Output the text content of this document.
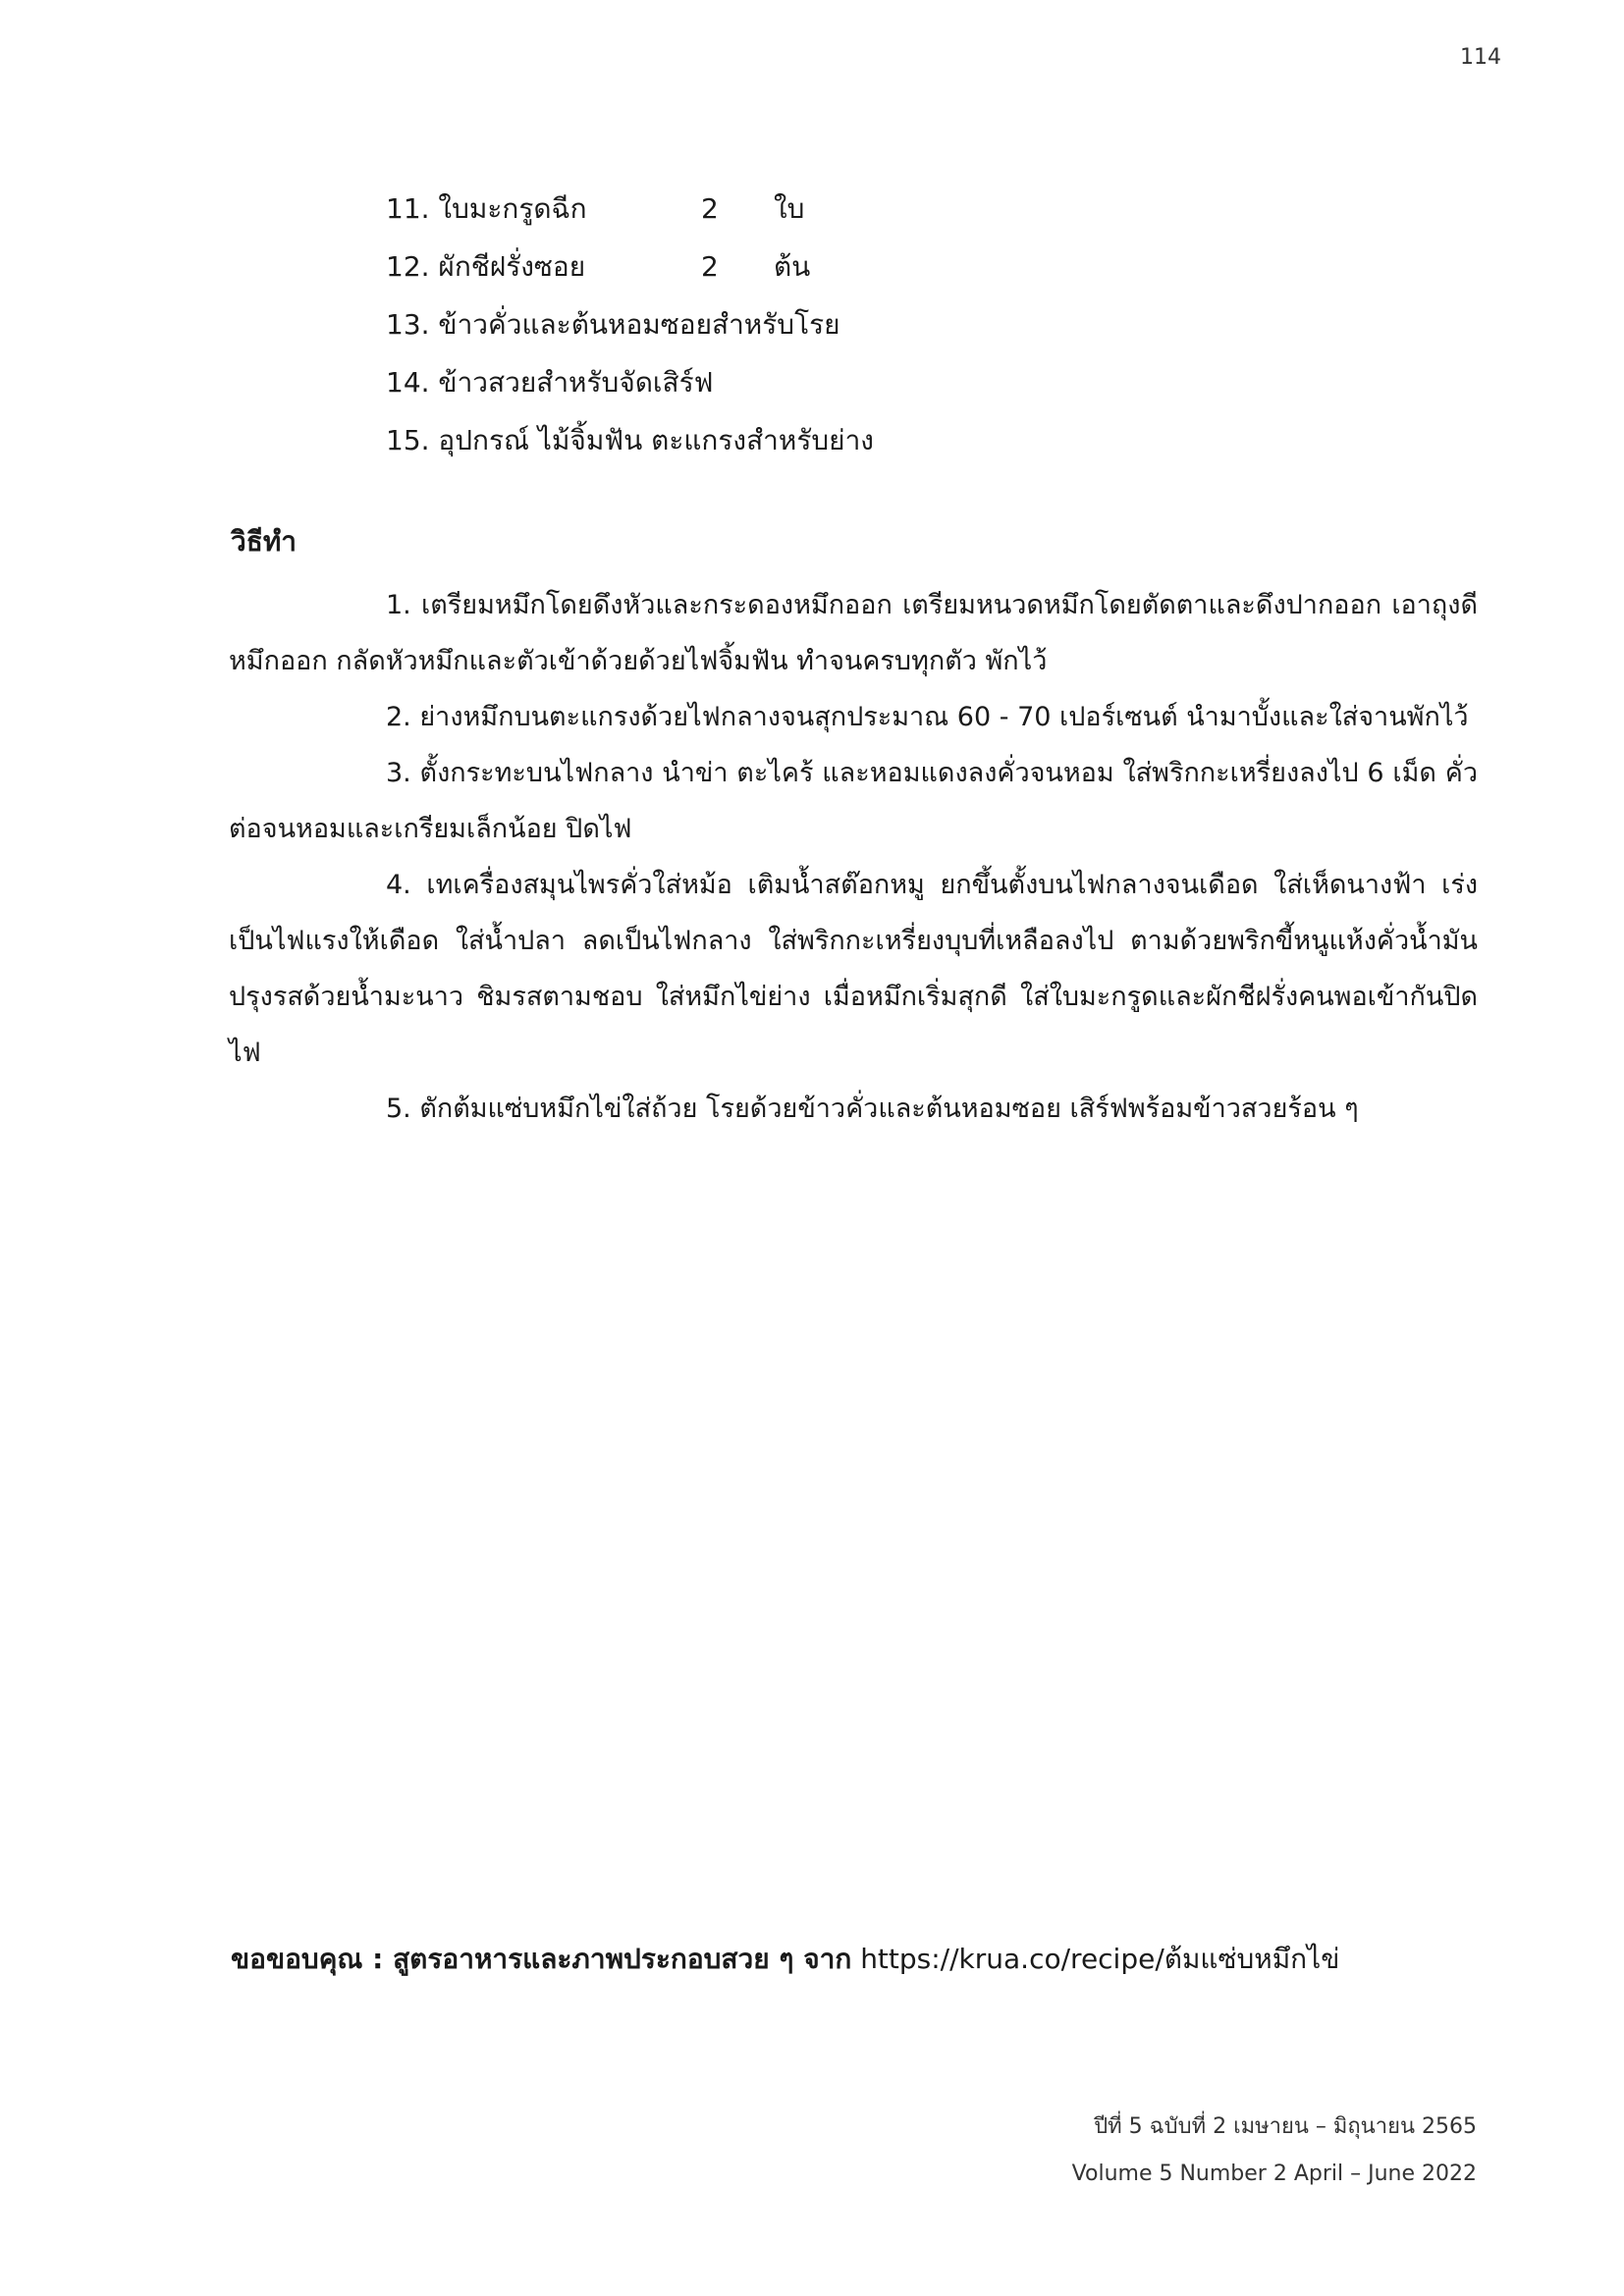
114
11. ใบมะกรูดฉีก	2 ใบ
12. ผักชีฝรั่งซอย	2 ต้น
13. ข้าวคั่วและต้นหอมซอยสำหรับโรย
14. ข้าวสวยสำหรับจัดเสิร์ฟ
15. อุปกรณ์ ไม้จิ้มฟัน ตะแกรงสำหรับย่าง
วิธีทำ

1. เตรียมหมึกโดยดึงหัวและกระดองหมึกออก เตรียมหนวดหมึกโดยตัดตาและดึงปากออก เอาถุงดีหมึกออก กลัดหัวหมึกและตัวเข้าด้วยด้วยไฟจิ้มฟัน ทำจนครบทุกตัว พักไว้

2. ย่างหมึกบนตะแกรงด้วยไฟกลางจนสุกประมาณ 60 - 70 เปอร์เซนต์ นำมาบั้งและใส่จานพักไว้

3. ตั้งกระทะบนไฟกลาง นำข่า ตะไคร้ และหอมแดงลงคั่วจนหอม ใส่พริกกะเหรี่ยงลงไป 6 เม็ด คั่วต่อจนหอมและเกรียมเล็กน้อย ปิดไฟ

4. เทเครื่องสมุนไพรคั่วใส่หม้อ เติมน้ำสต๊อกหมู ยกขึ้นตั้งบนไฟกลางจนเดือด ใส่เห็ดนางฟ้า เร่งเป็นไฟแรงให้เดือด ใส่น้ำปลา ลดเป็นไฟกลาง ใส่พริกกะเหรี่ยงบุบที่เหลือลงไป ตามด้วยพริกขี้หนูแห้งคั่วน้ำมัน ปรุงรสด้วยน้ำมะนาว ชิมรสตามชอบ ใส่หมึกไข่ย่าง เมื่อหมึกเริ่มสุกดี ใส่ใบมะกรูดและผักชีฝรั่งคนพอเข้ากันปิดไฟ

5. ตักต้มแซ่บหมึกไข่ใส่ถ้วย โรยด้วยข้าวคั่วและต้นหอมซอย เสิร์ฟพร้อมข้าวสวยร้อน ๆ

ขอขอบคุณ : สูตรอาหารและภาพประกอบสวย ๆ จาก https://krua.co/recipe/ต้มแซ่บหมึกไข่
ปีที่ 5 ฉบับที่ 2 เมษายน – มิถุนายน 2565
Volume 5 Number 2 April – June 2022
